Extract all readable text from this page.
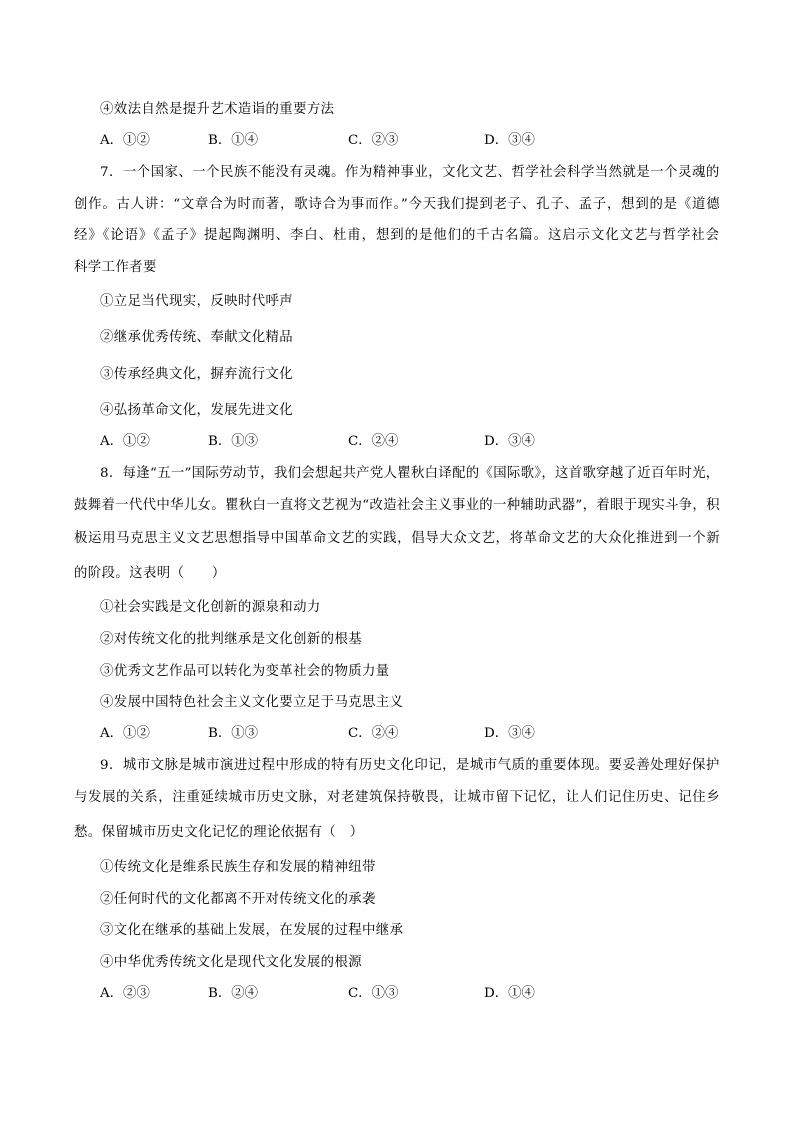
④效法自然是提升艺术造诣的重要方法
A．①②	B．①④	C．②③	D．③④
7．一个国家、一个民族不能没有灵魂。作为精神事业，文化文艺、哲学社会科学当然就是一个灵魂的
创作。古人讲：“文章合为时而著，歌诗合为事而作。”今天我们提到老子、孔子、孟子，想到的是《道德
经》《论语》《孟子》提起陶渊明、李白、杜甫，想到的是他们的千古名篇。这启示文化文艺与哲学社会
科学工作者要
①立足当代现实，反映时代呼声
②继承优秀传统、奉献文化精品
③传承经典文化，摒弃流行文化
④弘扬革命文化，发展先进文化
A．①②	B．①③	C．②④	D．③④
8．每逢“五一”国际劳动节，我们会想起共产党人瞿秋白译配的《国际歌》，这首歌穿越了近百年时光，
鼓舞着一代代中华儿女。瞿秋白一直将文艺视为“改造社会主义事业的一种辅助武器”，着眼于现实斗争，积
极运用马克思主义文艺思想指导中国革命文艺的实践，倡导大众文艺，将革命文艺的大众化推进到一个新
的阶段。这表明（　　）
①社会实践是文化创新的源泉和动力
②对传统文化的批判继承是文化创新的根基
③优秀文艺作品可以转化为变革社会的物质力量
④发展中国特色社会主义文化要立足于马克思主义
A．①②	B．①③	C．②④	D．③④
9．城市文脉是城市演进过程中形成的特有历史文化印记，是城市气质的重要体现。要妥善处理好保护
与发展的关系，注重延续城市历史文脉，对老建筑保持敬畏，让城市留下记忆，让人们记住历史、记住乡
愁。保留城市历史文化记忆的理论依据有（　）
①传统文化是维系民族生存和发展的精神纽带
②任何时代的文化都离不开对传统文化的承袭
③文化在继承的基础上发展，在发展的过程中继承
④中华优秀传统文化是现代文化发展的根源
A．②③	B．②④	C．①③	D．①④
